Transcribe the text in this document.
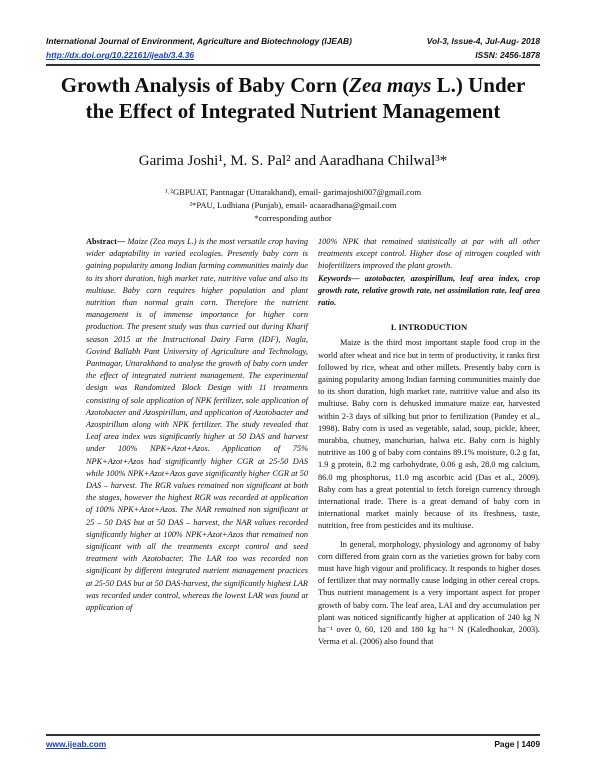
International Journal of Environment, Agriculture and Biotechnology (IJEAB)	Vol-3, Issue-4, Jul-Aug- 2018
http://dx.doi.org/10.22161/ijeab/3.4.36	ISSN: 2456-1878
Growth Analysis of Baby Corn (Zea mays L.) Under the Effect of Integrated Nutrient Management
Garima Joshi¹, M. S. Pal² and Aaradhana Chilwal³*
¹˒²GBPUAT, Pantnagar (Uttarakhand), email- garimajoshi007@gmail.com
²*PAU, Ludhiana (Punjab), email- acaaradhana@gmail.com
*corresponding author

Abstract— Maize (Zea mays L.) is the most versatile crop having wider adaptability in varied ecologies. Presently baby corn is gaining popularity among Indian farming communities mainly due to its short duration, high market rate, nutritive value and also its multiuse. Baby corn requires higher population and plant nutrition than normal grain corn. Therefore the nutrient management is of immense importance for higher corn production. The present study was thus carried out during Kharif season 2015 at the Instructional Dairy Farm (IDF), Nagla, Govind Ballabh Pant University of Agriculture and Technology, Pantnagar, Uttarakhand to analyse the growth of baby corn under the effect of integrated nutrient management. The experimental design was Randomized Block Design with 11 treatments consisting of sole application of NPK fertilizer, sole application of Azotobacter and Azospirillum, and application of Azotobacter and Azospirillum along with NPK fertilizer. The study revealed that Leaf area index was significantly higher at 50 DAS and harvest under 100% NPK+Azot+Azos. Application of 75% NPK+Azot+Azos had significantly higher CGR at 25-50 DAS while 100% NPK+Azot+Azos gave significantly higher CGR at 50 DAS – harvest. The RGR values remained non significant at both the stages, however the highest RGR was recorded at application of 100% NPK+Azot+Azos. The NAR remained non significant at 25 – 50 DAS but at 50 DAS – harvest, the NAR values recorded significantly higher at 100% NPK+Azot+Azos that remained non significant with all the treatments except control and seed treatment with Azotobacter. The LAR too was recorded non significant by different integrated nutrient management practices at 25-50 DAS but at 50 DAS-harvest, the significantly highest LAR was recorded under control, whereas the lowest LAR was found at application of

100% NPK that remained statistically at par with all other treatments except control. Higher dose of nitrogen coupled with biofertilizers improved the plant growth.

Keywords— azotobacter, azospirillum, leaf area index, crop growth rate, relative growth rate, net assimilation rate, leaf area ratio.

I. INTRODUCTION

Maize is the third most important staple food crop in the world after wheat and rice but in term of productivity, it ranks first followed by rice, wheat and other millets. Presently baby corn is gaining popularity among Indian farming communities mainly due to its short duration, high market rate, nutritive value and also its multiuse. Baby corn is dehusked immature maize ear, harvested within 2-3 days of silking but prior to fertilization (Pandey et al., 1998). Baby corn is used as vegetable, salad, soup, pickle, kheer, murabba, chutney, manchurian, halwa etc. Baby corn is highly nutritive as 100 g of baby corn contains 89.1% moisture, 0.2 g fat, 1.9 g protein, 8.2 mg carbohydrate, 0.06 g ash, 28.0 mg calcium, 86.0 mg phosphorus, 11.0 mg ascorbic acid (Das et al., 2009). Baby corn has a great potential to fetch foreign currency through international trade. There is a great demand of baby corn in international market mainly because of its freshness, taste, nutrition, free from pesticides and its multiuse.

In general, morphology, physiology and agronomy of baby corn differed from grain corn as the varieties grown for baby corn must have high vigour and prolificacy. It responds to higher doses of fertilizer that may normally cause lodging in other cereal crops. Thus nutrient management is a very important aspect for proper growth of baby corn. The leaf area, LAI and dry accumulation per plant was noticed significantly higher at application of 240 kg N ha⁻¹ over 0, 60, 120 and 180 kg ha⁻¹ N (Kaledhonkar, 2003). Verma et al. (2006) also found that

www.ijeab.com	Page | 1409
